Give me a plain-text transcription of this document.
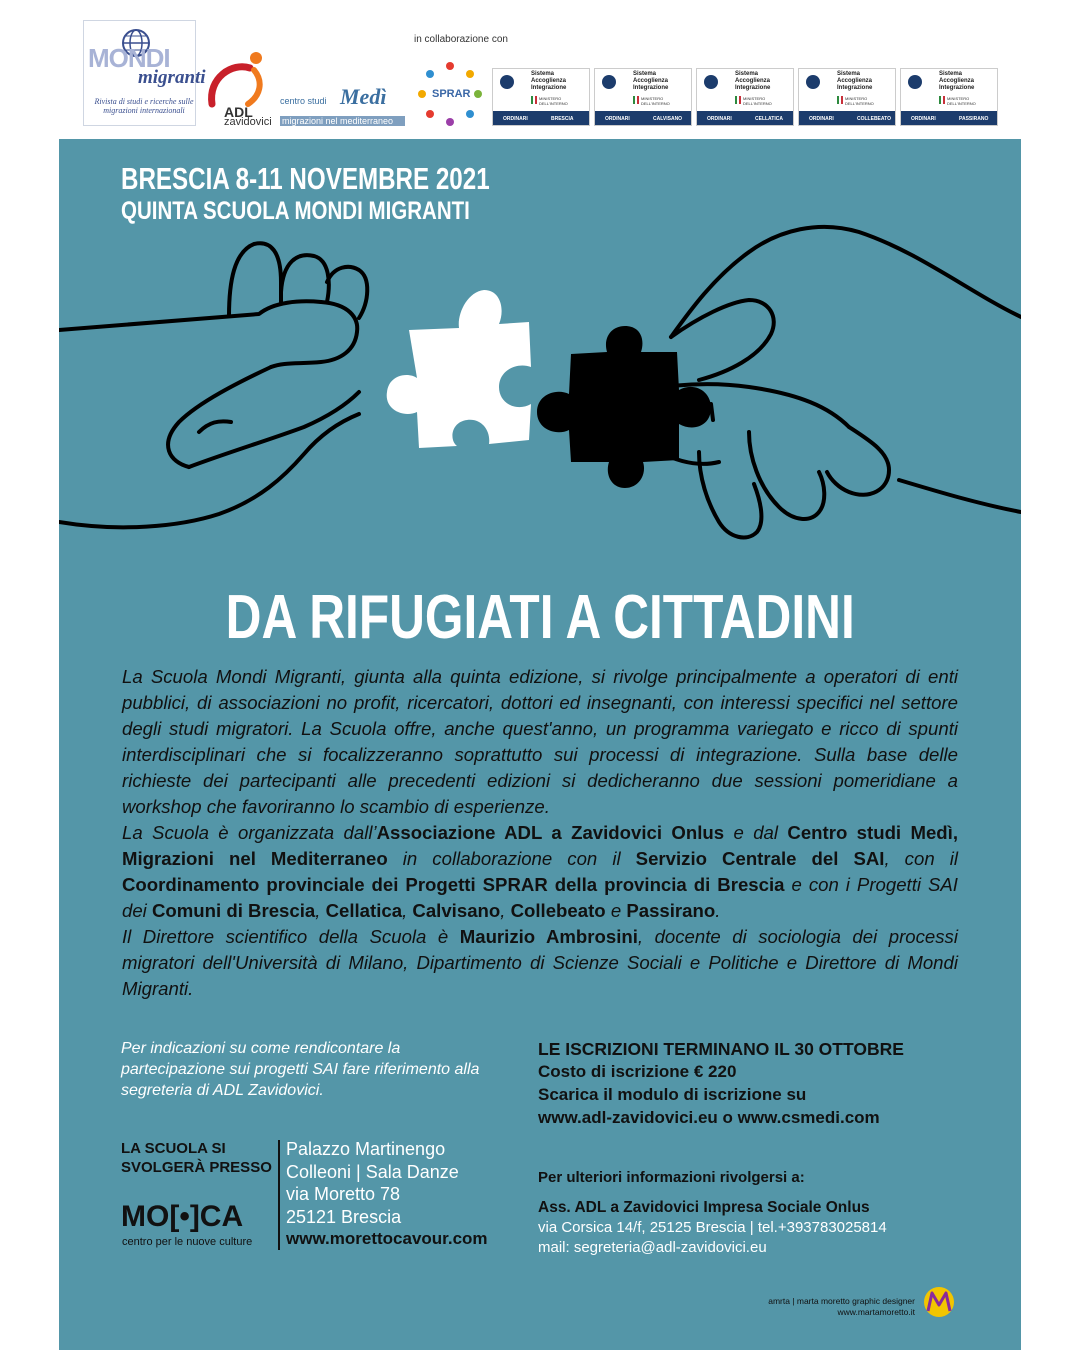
MONDI
migranti
Rivista di studi e ricerche sulle migrazioni internazionali	ADL
zavidovici
centro studi Medì
migrazioni nel mediterraneo
in collaborazione con
SPRAR
Sistema Accoglienza Integrazione
MINISTERO DELL'INTERNO
ORDINARI	BRESCIA
Sistema Accoglienza Integrazione
MINISTERO DELL'INTERNO
ORDINARI	CALVISANO
Sistema Accoglienza Integrazione
MINISTERO DELL'INTERNO
ORDINARI	CELLATICA
Sistema Accoglienza Integrazione
MINISTERO DELL'INTERNO
ORDINARI	COLLEBEATO
Sistema Accoglienza Integrazione
MINISTERO DELL'INTERNO
ORDINARI	PASSIRANO
BRESCIA 8-11 NOVEMBRE 2021
QUINTA SCUOLA MONDI MIGRANTI
DA RIFUGIATI A CITTADINI

La Scuola Mondi Migranti, giunta alla quinta edizione, si rivolge principalmente a operatori di enti pubblici, di associazioni no profit, ricercatori, dottori ed insegnanti, con interessi specifici nel settore degli studi migratori. La Scuola offre, anche quest'anno, un programma variegato e ricco di spunti interdisciplinari che si focalizzeranno soprattutto sui processi di integrazione. Sulla base delle richieste dei partecipanti alle precedenti edizioni si dedicheranno due sessioni pomeridiane a workshop che favoriranno lo scambio di esperienze.

La Scuola è organizzata dall’Associazione ADL a Zavidovici Onlus e dal Centro studi Medì, Migrazioni nel Mediterraneo in collaborazione con il Servizio Centrale del SAI, con il Coordinamento provinciale dei Progetti SPRAR della provincia di Brescia e con i Progetti SAI dei Comuni di Brescia, Cellatica, Calvisano, Collebeato e Passirano.

Il Direttore scientifico della Scuola è Maurizio Ambrosini, docente di sociologia dei processi migratori dell'Università di Milano, Dipartimento di Scienze Sociali e Politiche e Direttore di Mondi Migranti.

Per indicazioni su come rendicontare la partecipazione sui progetti SAI fare riferimento alla segreteria di ADL Zavidovici.
LE ISCRIZIONI TERMINANO IL 30 OTTOBRE
Costo di iscrizione € 220
Scarica il modulo di iscrizione su
www.adl-zavidovici.eu o www.csmedi.com
LA SCUOLA SI SVOLGERÀ PRESSO
Palazzo Martinengo
Colleoni | Sala Danze
via Moretto 78
25121 Brescia
www.morettocavour.com
MO[•]CA
centro per le nuove culture
Per ulteriori informazioni rivolgersi a:
Ass. ADL a Zavidovici Impresa Sociale Onlus
via Corsica 14/f, 25125 Brescia | tel.+393783025814
mail: segreteria@adl-zavidovici.eu
amrta | marta moretto graphic designer
www.martamoretto.it
